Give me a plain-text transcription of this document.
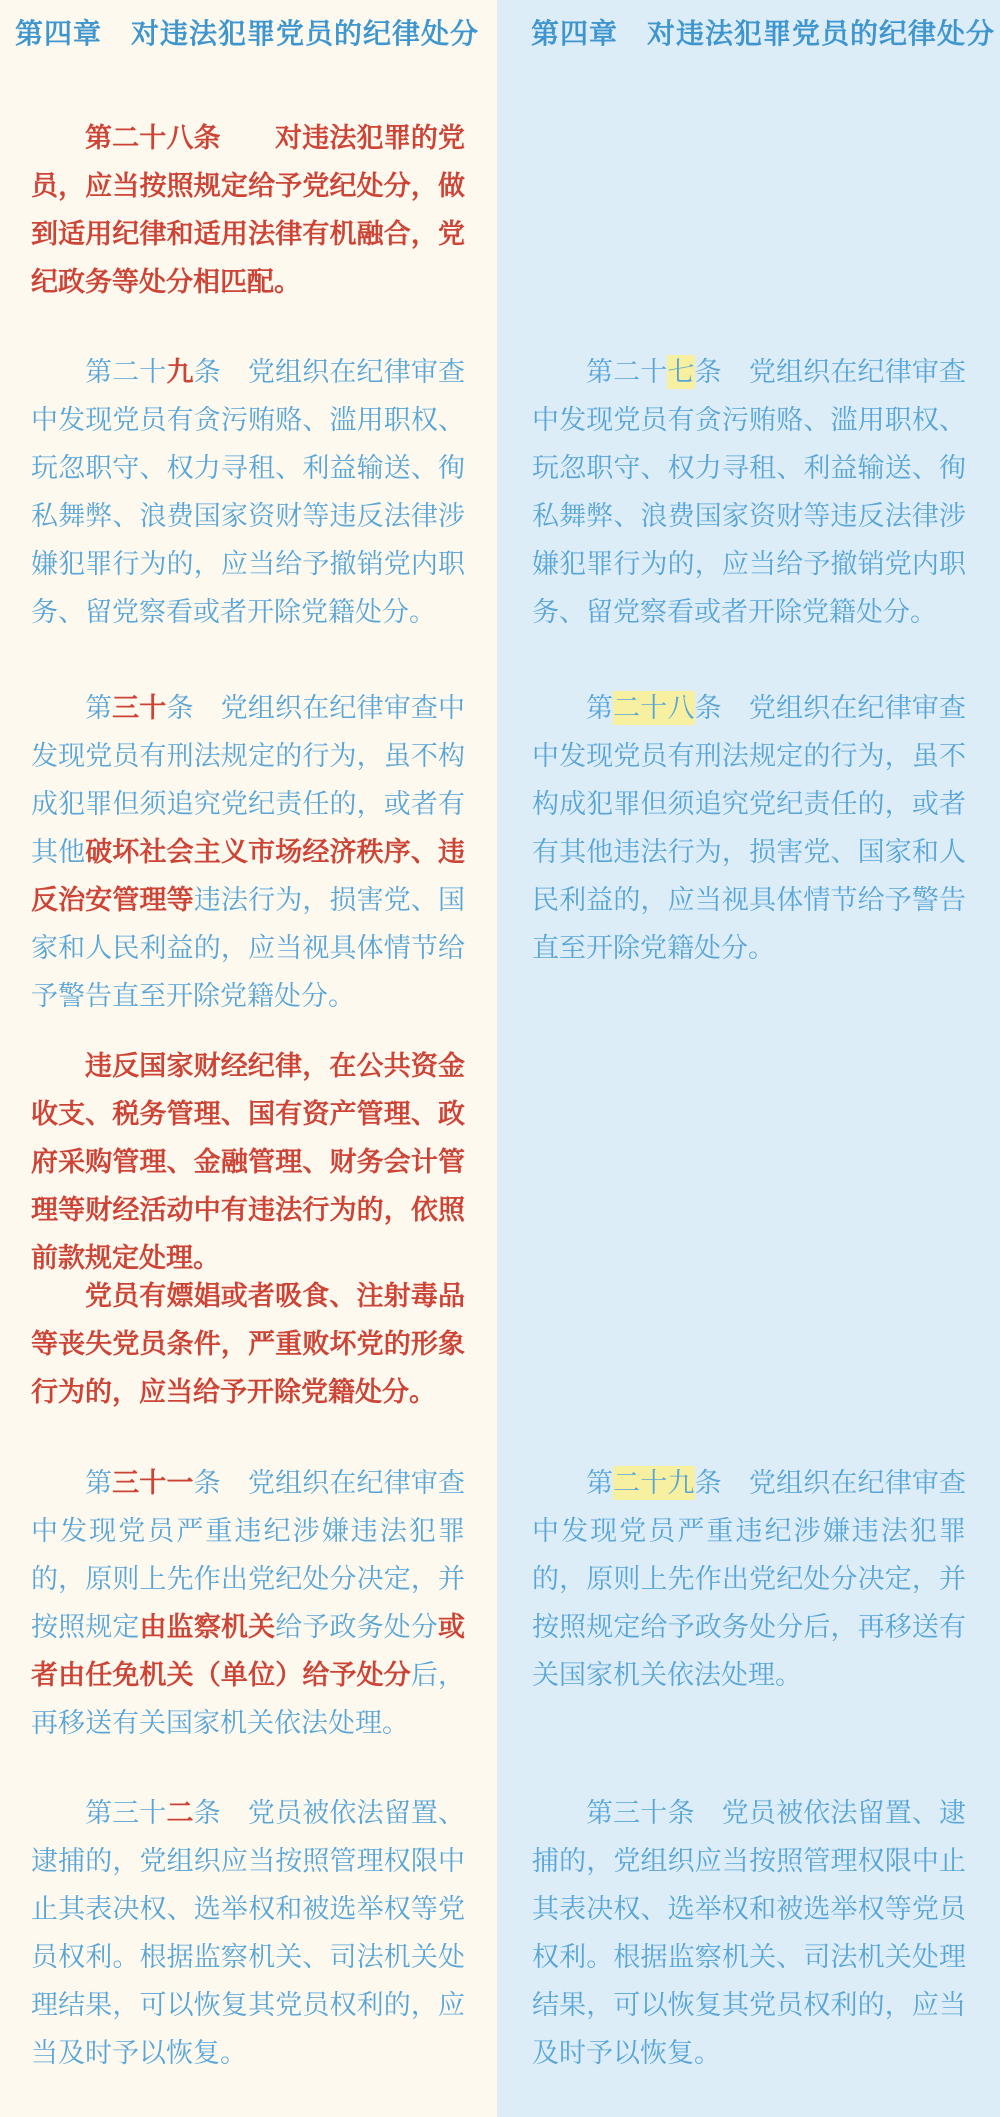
第四章　对违法犯罪党员的纪律处分
第二十八条　　对违法犯罪的党员，应当按照规定给予党纪处分，做到适用纪律和适用法律有机融合，党纪政务等处分相匹配。
第二十九条　党组织在纪律审查中发现党员有贪污贿赂、滥用职权、玩忽职守、权力寻租、利益输送、徇私舞弊、浪费国家资财等违反法律涉嫌犯罪行为的，应当给予撤销党内职务、留党察看或者开除党籍处分。
第三十条　党组织在纪律审查中发现党员有刑法规定的行为，虽不构成犯罪但须追究党纪责任的，或者有其他破坏社会主义市场经济秩序、违反治安管理等违法行为，损害党、国家和人民利益的，应当视具体情节给予警告直至开除党籍处分。
违反国家财经纪律，在公共资金收支、税务管理、国有资产管理、政府采购管理、金融管理、财务会计管理等财经活动中有违法行为的，依照前款规定处理。
党员有嫖娼或者吸食、注射毒品等丧失党员条件，严重败坏党的形象行为的，应当给予开除党籍处分。
第三十一条　党组织在纪律审查中发现党员严重违纪涉嫌违法犯罪的，原则上先作出党纪处分决定，并按照规定由监察机关给予政务处分或者由任免机关（单位）给予处分后，再移送有关国家机关依法处理。
第三十二条　党员被依法留置、逮捕的，党组织应当按照管理权限中止其表决权、选举权和被选举权等党员权利。根据监察机关、司法机关处理结果，可以恢复其党员权利的，应当及时予以恢复。
第四章　对违法犯罪党员的纪律处分
第二十七条　党组织在纪律审查中发现党员有贪污贿赂、滥用职权、玩忽职守、权力寻租、利益输送、徇私舞弊、浪费国家资财等违反法律涉嫌犯罪行为的，应当给予撤销党内职务、留党察看或者开除党籍处分。
第二十八条　党组织在纪律审查中发现党员有刑法规定的行为，虽不构成犯罪但须追究党纪责任的，或者有其他违法行为，损害党、国家和人民利益的，应当视具体情节给予警告直至开除党籍处分。
第二十九条　党组织在纪律审查中发现党员严重违纪涉嫌违法犯罪的，原则上先作出党纪处分决定，并按照规定给予政务处分后，再移送有关国家机关依法处理。
第三十条　党员被依法留置、逮捕的，党组织应当按照管理权限中止其表决权、选举权和被选举权等党员权利。根据监察机关、司法机关处理结果，可以恢复其党员权利的，应当及时予以恢复。
